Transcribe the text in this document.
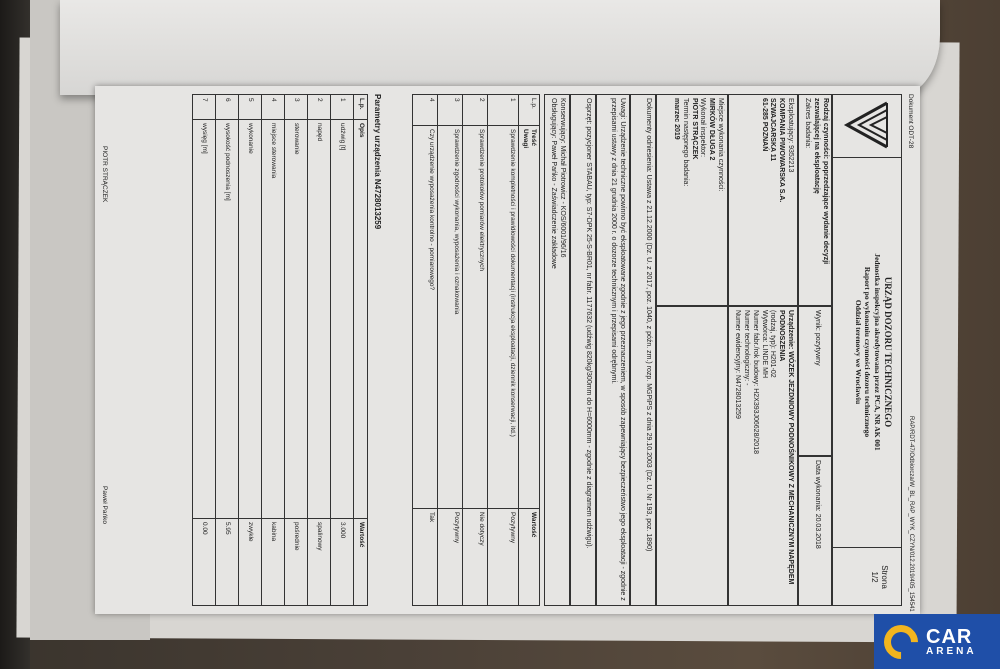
Dokument ODT-28
RAP/RDT-47/Odbiorcza/W_BL_RAP_WYK_CZYN/012.2019/405_154541
URZĄD DOZORU TECHNICZNEGO
Jednostka inspekcyjna akredytowana przez PCA, NR AK 001
Raport po wykonaniu czynności dozoru technicznego
Oddział terenowy we Wrocławiu
Strona
1/2
Rodzaj czynności: poprzedzające wydanie decyzji zezwalającej na eksploatację
Zakres badania:
Wynik: pozytywny
Data wykonania: 20.03.2018
Eksploatujący: 9352213
KOMPANIA PIWOWARSKA S.A.
SZWAJCARSKA 11
61-285 POZNAŃ
Urządzenie: WÓZEK JEZDNIOWY PODNOŚNIKOWY Z MECHANICZNYM NAPĘDEM PODNOSZENIA
(rodzaj, typ): H201-02
Wytwórca: LINDE MH
Numer fabr./rok budowy: H2X393J06628/2018
Numer technologiczny: -
Numer ewidencyjny: N4728013259
Miejsce wykonania czynności:
MIRKÓW DŁUGA 2
Wykonał inspektor:
PIOTR STRĄCZEK
Termin następnego badania:
marzec 2019
Dokumenty odniesienia: Ustawa z 21.12.2000 (Dz. U. z 2017, poz. 1040, z późn. zm.) rozp. MGPiPS z dnia 29.10.2003 (Dz. U. Nr 193, poz. 1890)
Uwagi: Urządzenie techniczne powinno być eksploatowane zgodnie z jego przeznaczeniem, w sposób zapewniający bezpieczeństwo jego eksploatacji - zgodnie z przepisami ustawy z dnia 21 grudnia 2000 r. o dozorze technicznym i przepisami odrębnymi.
Osprzęt: pozycjoner STABAU, typ: S7-DPK 25-S-BR01, nr fabr. 1177632 (udźwig 820kg/300mm do H=6000mm - zgodnie z diagramem udźwigu).
Konserwujący: Michał Piotrowicz - KOS/6001/96/16
Obsługujący: Paweł Pańko - Zaświadczenie zakładowe
L.p.	Treść
Uwagi	Wartość
1	Sprawdzenie kompletności i prawidłowości dokumentacji (instrukcja eksploatacji, dziennik konserwacji, itd.)	Pozytywny
2	Sprawdzenie protokołów pomiarów elektrycznych	Nie dotyczy
3	Sprawdzenie zgodności wykonania, wyposażenia i oznakowania	Pozytywny
4	Czy urządzenie wyposażenia kontrolno - pomiarowego?	Tak
Parametry urządzenia N4728013259
L.p.	Opis	Wartość
1	udźwig [t]	3.000
2	napęd	spalinowy
3	sterowanie	pośrednie
4	miejsce sterowania	kabina
5	wykonanie	zwykłe
6	wysokość podnoszenia [m]	5.95
7	wysięg [m]	0.00
PIOTR STRĄCZEK
Paweł Pańko
CAR
ARENA
